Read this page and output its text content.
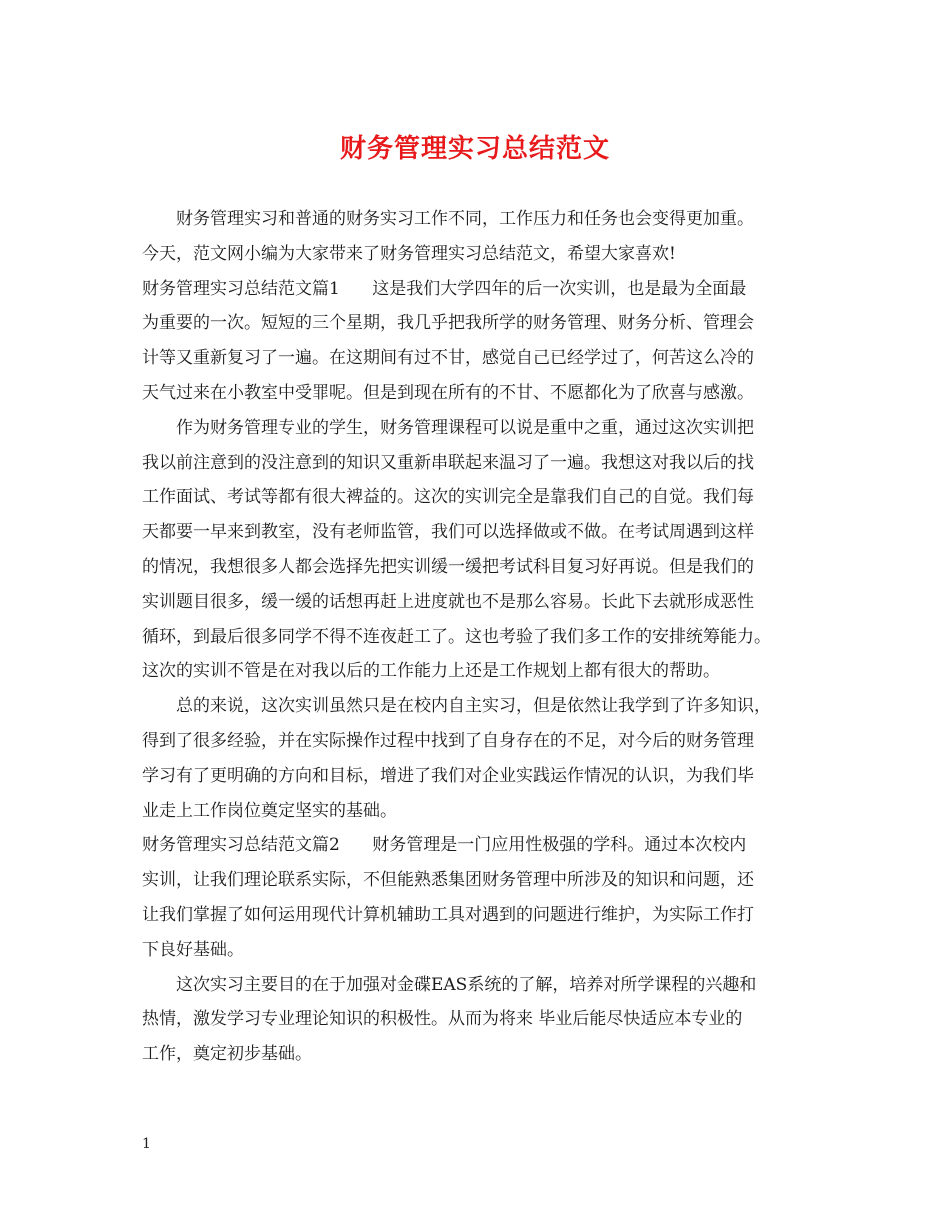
财务管理实习总结范文
财务管理实习和普通的财务实习工作不同，工作压力和任务也会变得更加重。
今天，范文网小编为大家带来了财务管理实习总结范文，希望大家喜欢!
财务管理实习总结范文篇1      这是我们大学四年的后一次实训，也是最为全面最
为重要的一次。短短的三个星期，我几乎把我所学的财务管理、财务分析、管理会
计等又重新复习了一遍。在这期间有过不甘，感觉自己已经学过了，何苦这么冷的
天气过来在小教室中受罪呢。但是到现在所有的不甘、不愿都化为了欣喜与感激。
作为财务管理专业的学生，财务管理课程可以说是重中之重，通过这次实训把
我以前注意到的没注意到的知识又重新串联起来温习了一遍。我想这对我以后的找
工作面试、考试等都有很大裨益的。这次的实训完全是靠我们自己的自觉。我们每
天都要一早来到教室，没有老师监管，我们可以选择做或不做。在考试周遇到这样
的情况，我想很多人都会选择先把实训缓一缓把考试科目复习好再说。但是我们的
实训题目很多，缓一缓的话想再赶上进度就也不是那么容易。长此下去就形成恶性
循环，到最后很多同学不得不连夜赶工了。这也考验了我们多工作的安排统筹能力。
这次的实训不管是在对我以后的工作能力上还是工作规划上都有很大的帮助。
总的来说，这次实训虽然只是在校内自主实习，但是依然让我学到了许多知识，
得到了很多经验，并在实际操作过程中找到了自身存在的不足，对今后的财务管理
学习有了更明确的方向和目标，增进了我们对企业实践运作情况的认识，为我们毕
业走上工作岗位奠定坚实的基础。
财务管理实习总结范文篇2      财务管理是一门应用性极强的学科。通过本次校内
实训，让我们理论联系实际，不但能熟悉集团财务管理中所涉及的知识和问题，还
让我们掌握了如何运用现代计算机辅助工具对遇到的问题进行维护，为实际工作打
下良好基础。
这次实习主要目的在于加强对金碟EAS系统的了解，培养对所学课程的兴趣和
热情，激发学习专业理论知识的积极性。从而为将来 毕业后能尽快适应本专业的
工作，奠定初步基础。
1
